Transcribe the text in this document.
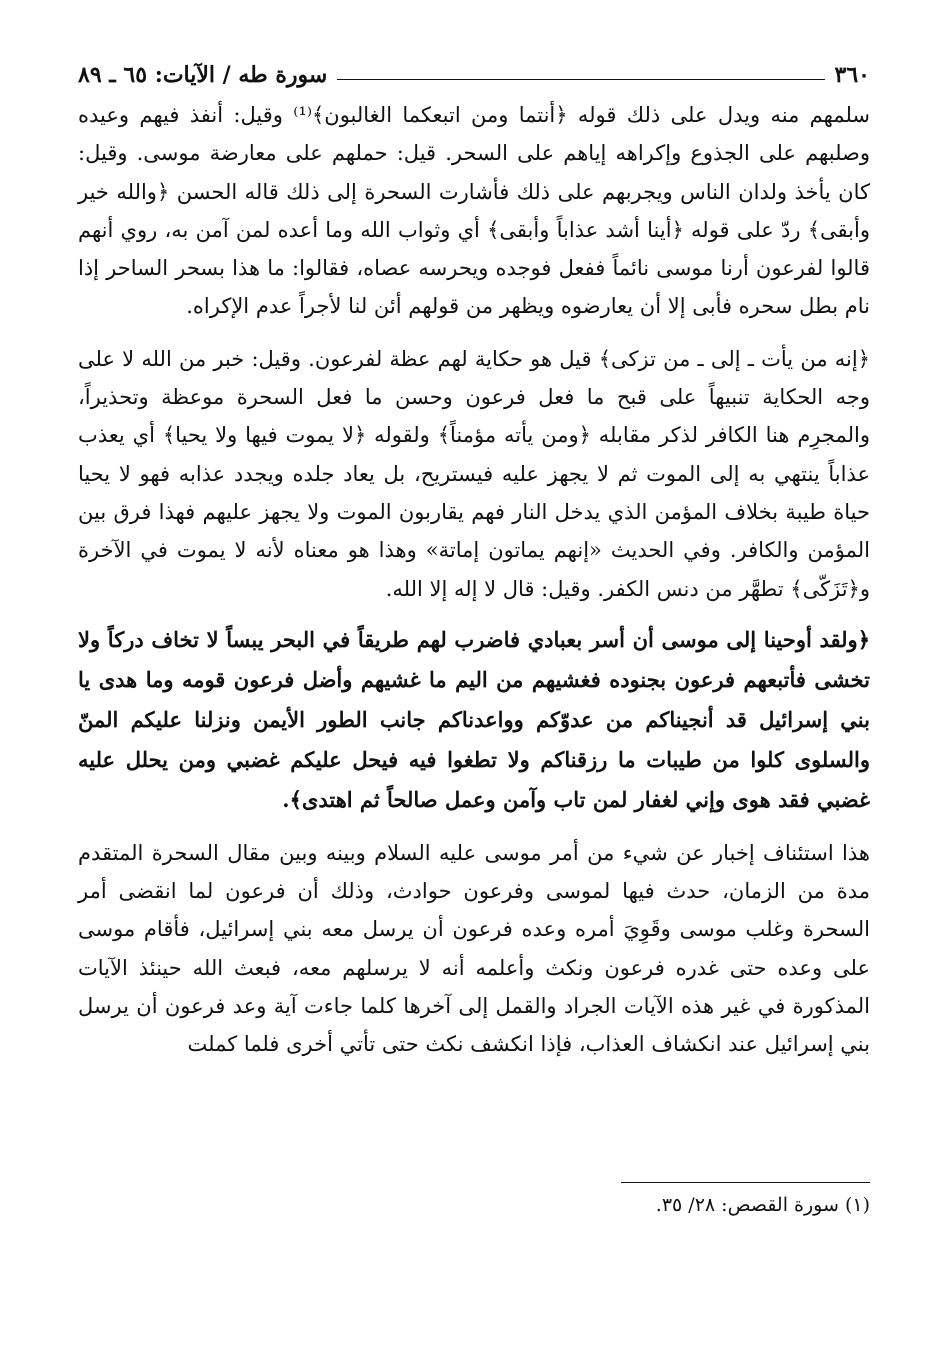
٣٦٠
سورة طه / الآيات: ٦٥ ـ ٨٩

سلمهم منه ويدل على ذلك قوله ﴿أنتما ومن اتبعكما الغالبون﴾⁽¹⁾ وقيل: أنفذ فيهم وعيده وصلبهم على الجذوع وإكراهه إياهم على السحر. قيل: حملهم على معارضة موسى. وقيل: كان يأخذ ولدان الناس ويجربهم على ذلك فأشارت السحرة إلى ذلك قاله الحسن ﴿والله خير وأبقى﴾ ردّ على قوله ﴿أينا أشد عذاباً وأبقى﴾ أي وثواب الله وما أعده لمن آمن به، روي أنهم قالوا لفرعون أرنا موسى نائماً ففعل فوجده ويحرسه عصاه، فقالوا: ما هذا بسحر الساحر إذا نام بطل سحره فأبى إلا أن يعارضوه ويظهر من قولهم أئن لنا لأجراً عدم الإكراه.

﴿إنه من يأت ـ إلى ـ من تزكى﴾ قيل هو حكاية لهم عظة لفرعون. وقيل: خبر من الله لا على وجه الحكاية تنبيهاً على قبح ما فعل فرعون وحسن ما فعل السحرة موعظة وتحذيراً، والمجرِم هنا الكافر لذكر مقابله ﴿ومن يأته مؤمناً﴾ ولقوله ﴿لا يموت فيها ولا يحيا﴾ أي يعذب عذاباً ينتهي به إلى الموت ثم لا يجهز عليه فيستريح، بل يعاد جلده ويجدد عذابه فهو لا يحيا حياة طيبة بخلاف المؤمن الذي يدخل النار فهم يقاربون الموت ولا يجهز عليهم فهذا فرق بين المؤمن والكافر. وفي الحديث «إنهم يماتون إماتة» وهذا هو معناه لأنه لا يموت في الآخرة و﴿تَزَكّى﴾ تطهَّر من دنس الكفر. وقيل: قال لا إله إلا الله.

﴿ولقد أوحينا إلى موسى أن أسر بعبادي فاضرب لهم طريقاً في البحر يبساً لا تخاف دركاً ولا تخشى فأتبعهم فرعون بجنوده فغشيهم من اليم ما غشيهم وأضل فرعون قومه وما هدى يا بني إسرائيل قد أنجيناكم من عدوّكم وواعدناكم جانب الطور الأيمن ونزلنا عليكم المنّ والسلوى كلوا من طيبات ما رزقناكم ولا تطغوا فيه فيحل عليكم غضبي ومن يحلل عليه غضبي فقد هوى وإني لغفار لمن تاب وآمن وعمل صالحاً ثم اهتدى﴾.

هذا استئناف إخبار عن شيء من أمر موسى عليه السلام وبينه وبين مقال السحرة المتقدم مدة من الزمان، حدث فيها لموسى وفرعون حوادث، وذلك أن فرعون لما انقضى أمر السحرة وغلب موسى وقَوِيَ أمره وعده فرعون أن يرسل معه بني إسرائيل، فأقام موسى على وعده حتى غدره فرعون ونكث وأعلمه أنه لا يرسلهم معه، فبعث الله حينئذ الآيات المذكورة في غير هذه الآيات الجراد والقمل إلى آخرها كلما جاءت آية وعد فرعون أن يرسل بني إسرائيل عند انكشاف العذاب، فإذا انكشف نكث حتى تأتي أخرى فلما كملت

(١) سورة القصص: ٢٨/ ٣٥.
